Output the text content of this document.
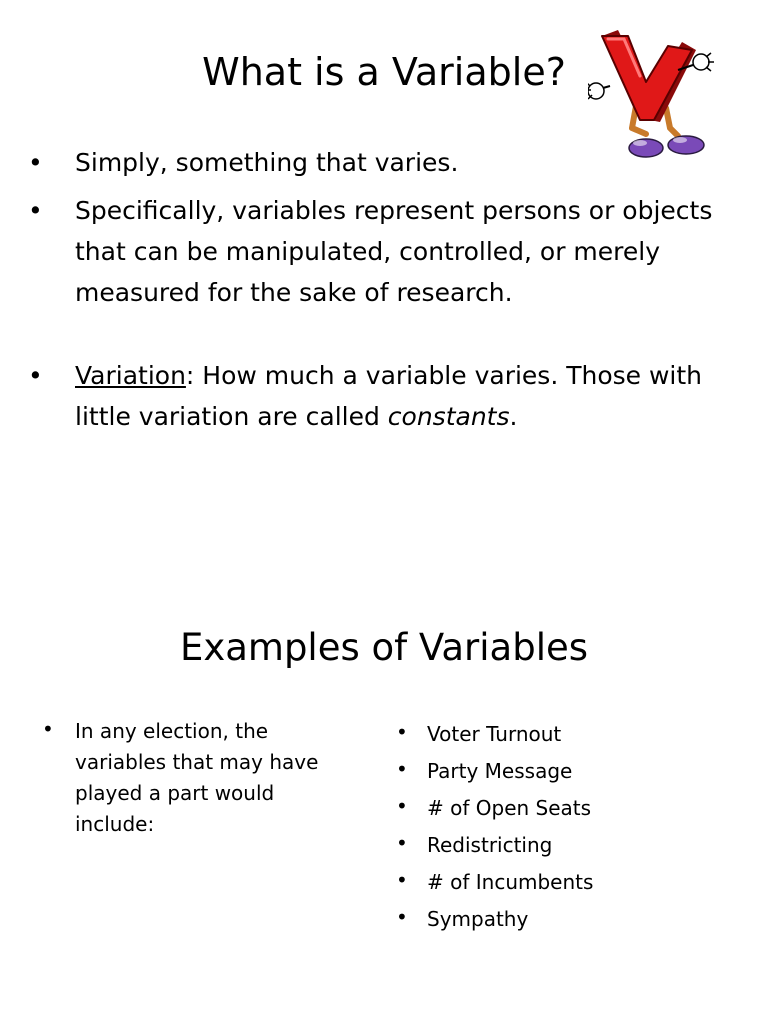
What is a Variable?
• Simply, something that varies.
• Specifically, variables represent persons or objects that can be manipulated, controlled, or merely measured for the sake of research.
• Variation: How much a variable varies. Those with little variation are called constants.
Examples of Variables
• In any election, the variables that may have played a part would include:
• Voter Turnout
• Party Message
• # of Open Seats
• Redistricting
• # of Incumbents
• Sympathy
